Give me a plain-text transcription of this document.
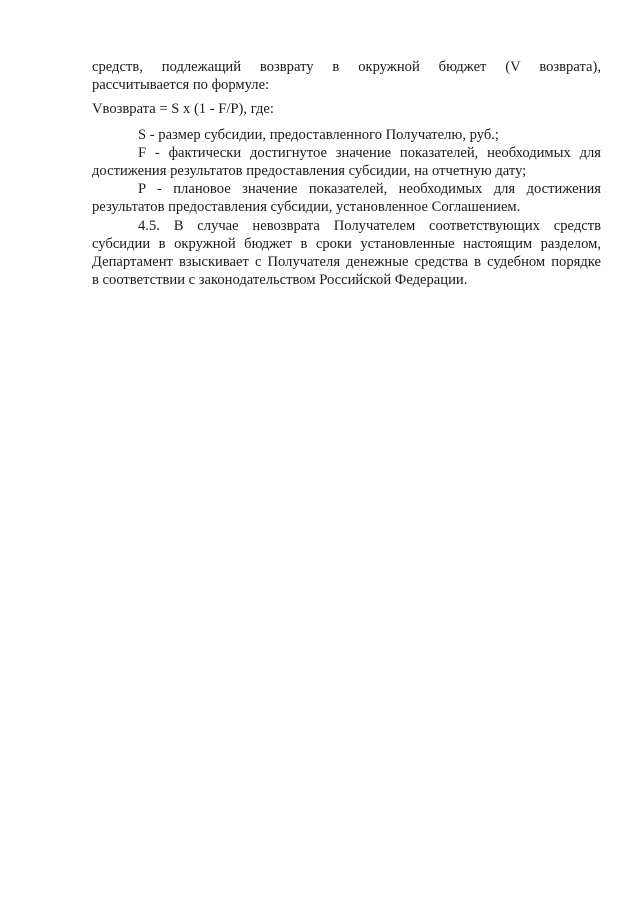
средств, подлежащий возврату в окружной бюджет (V возврата),
рассчитывается по формуле:

Vвозврата = S x (1 - F/P), где:

S - размер субсидии, предоставленного Получателю, руб.;

F - фактически достигнутое значение показателей, необходимых для
достижения результатов предоставления субсидии, на отчетную дату;

P - плановое значение показателей, необходимых для достижения
результатов предоставления субсидии, установленное Соглашением.

4.5. В случае невозврата Получателем соответствующих средств
субсидии в окружной бюджет в сроки установленные настоящим разделом,
Департамент взыскивает с Получателя денежные средства в судебном порядке
в соответствии с законодательством Российской Федерации.
